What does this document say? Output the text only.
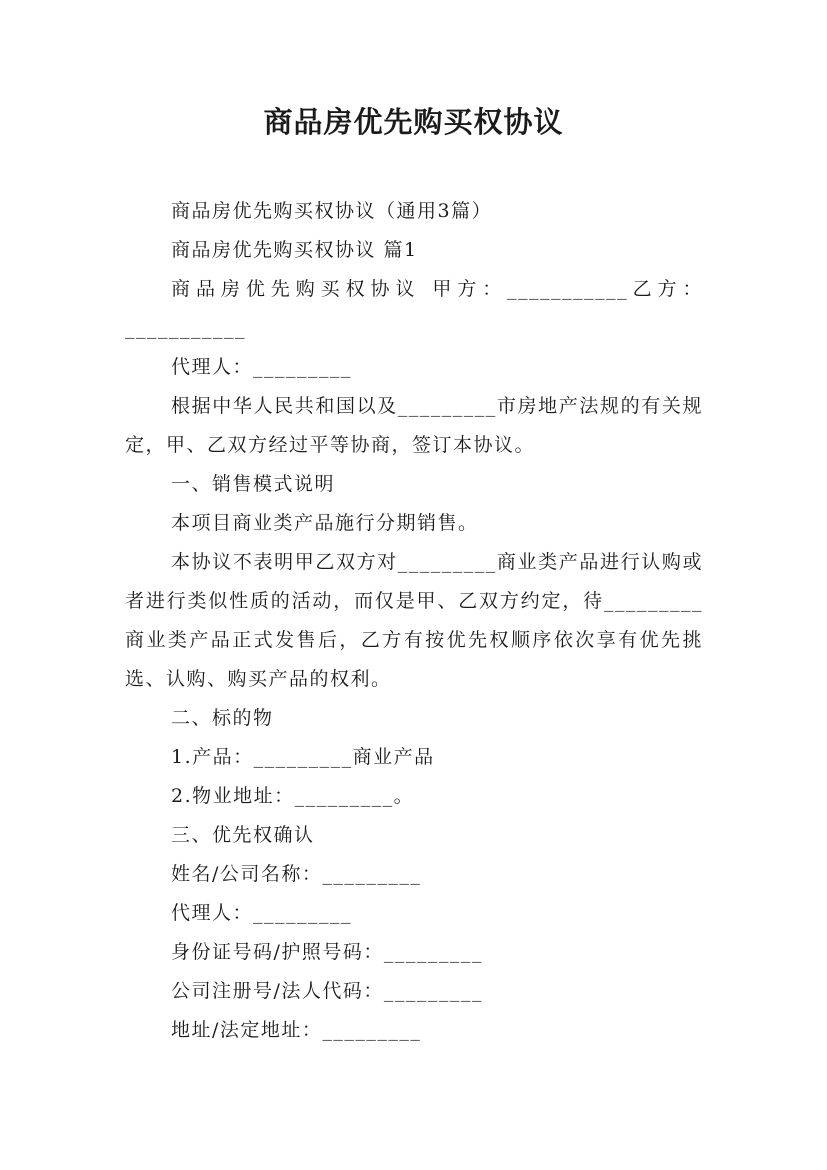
商品房优先购买权协议

商品房优先购买权协议（通用3篇）

商品房优先购买权协议 篇1

商品房优先购买权协议 甲方：___________乙方：

___________

代理人：_________

根据中华人民共和国以及_________市房地产法规的有关规定，甲、乙双方经过平等协商，签订本协议。

一、销售模式说明

本项目商业类产品施行分期销售。

本协议不表明甲乙双方对_________商业类产品进行认购或者进行类似性质的活动，而仅是甲、乙双方约定，待_________商业类产品正式发售后，乙方有按优先权顺序依次享有优先挑选、认购、购买产品的权利。

二、标的物

1.产品：_________商业产品

2.物业地址：_________。

三、优先权确认

姓名/公司名称：_________

代理人：_________

身份证号码/护照号码：_________

公司注册号/法人代码：_________

地址/法定地址：_________
